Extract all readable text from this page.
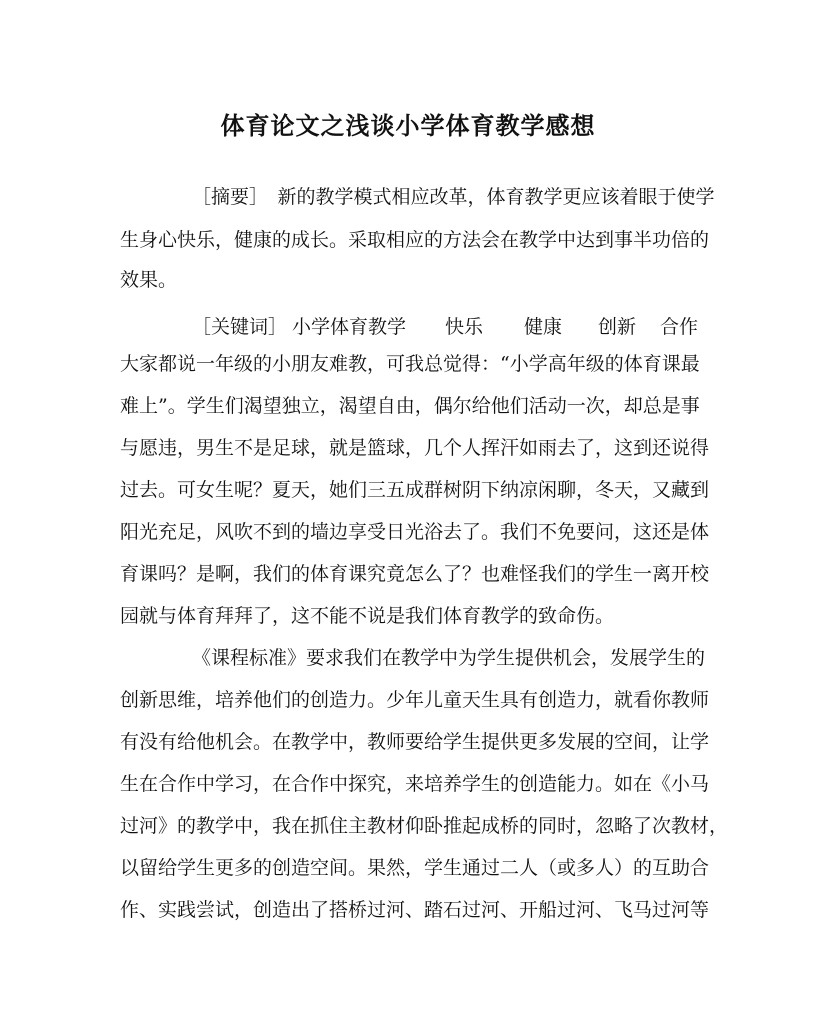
体育论文之浅谈小学体育教学感想
［摘要］　新的教学模式相应改革，体育教学更应该着眼于使学
生身心快乐，健康的成长。采取相应的方法会在教学中达到事半功倍的
效果。
［关键词］ 小学体育教学 快乐 健康 创新 合作
大家都说一年级的小朋友难教，可我总觉得：“小学高年级的体育课最
难上”。学生们渴望独立，渴望自由，偶尔给他们活动一次，却总是事
与愿违，男生不是足球，就是篮球，几个人挥汗如雨去了，这到还说得
过去。可女生呢？夏天，她们三五成群树阴下纳凉闲聊，冬天，又藏到
阳光充足，风吹不到的墙边享受日光浴去了。我们不免要问，这还是体
育课吗？是啊，我们的体育课究竟怎么了？也难怪我们的学生一离开校
园就与体育拜拜了，这不能不说是我们体育教学的致命伤。
《课程标准》要求我们在教学中为学生提供机会，发展学生的
创新思维，培养他们的创造力。少年儿童天生具有创造力，就看你教师
有没有给他机会。在教学中，教师要给学生提供更多发展的空间，让学
生在合作中学习，在合作中探究，来培养学生的创造能力。如在《小马
过河》的教学中，我在抓住主教材仰卧推起成桥的同时，忽略了次教材，
以留给学生更多的创造空间。果然，学生通过二人（或多人）的互助合
作、实践尝试，创造出了搭桥过河、踏石过河、开船过河、飞马过河等
